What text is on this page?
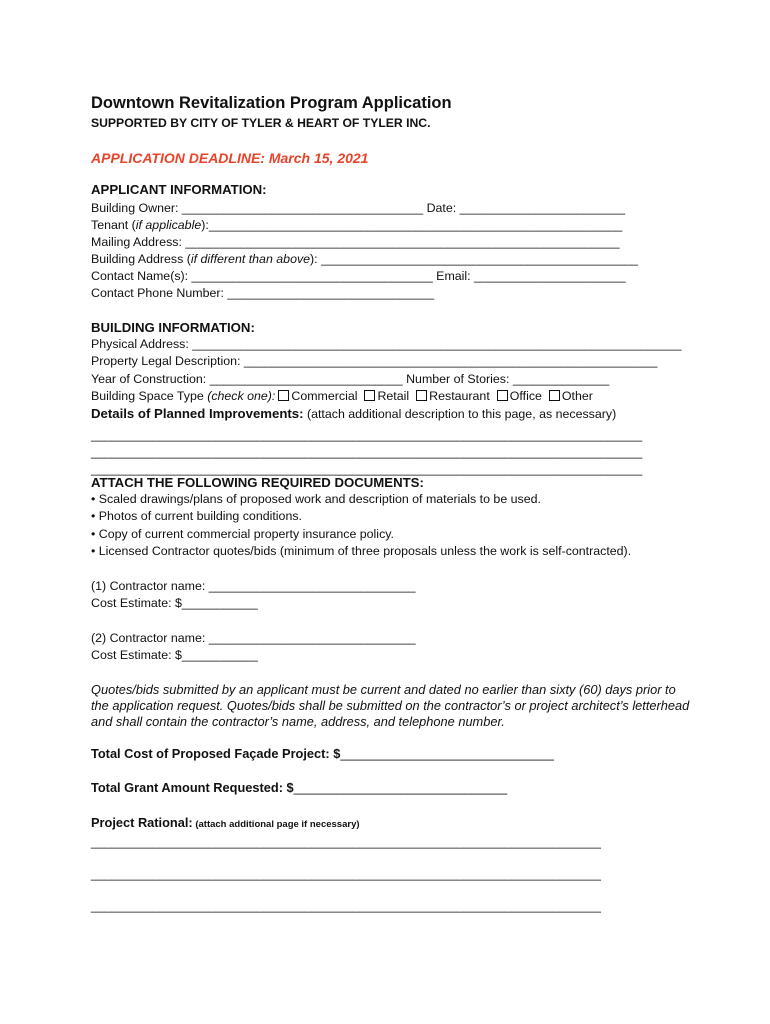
Downtown Revitalization Program Application
SUPPORTED BY CITY OF TYLER & HEART OF TYLER INC.
APPLICATION DEADLINE: March 15, 2021
APPLICANT INFORMATION:
Building Owner: ___________________________________ Date: ________________________
Tenant (if applicable):____________________________________________________________
Mailing Address: _______________________________________________________________
Building Address (if different than above): ______________________________________________
Contact Name(s): ___________________________________ Email: ______________________
Contact Phone Number: ______________________________
BUILDING INFORMATION:
Physical Address: _______________________________________________________________________
Property Legal Description: ____________________________________________________________
Year of Construction: ____________________________ Number of Stories: ______________
Building Space Type (check one): Commercial Retail Restaurant Office Other
Details of Planned Improvements: (attach additional description to this page, as necessary)
________________________________________________________________________________
________________________________________________________________________________
________________________________________________________________________________
ATTACH THE FOLLOWING REQUIRED DOCUMENTS:
• Scaled drawings/plans of proposed work and description of materials to be used.
• Photos of current building conditions.
• Copy of current commercial property insurance policy.
• Licensed Contractor quotes/bids (minimum of three proposals unless the work is self-contracted).
(1) Contractor name: ______________________________
Cost Estimate: $___________
(2) Contractor name: ______________________________
Cost Estimate: $___________
Quotes/bids submitted by an applicant must be current and dated no earlier than sixty (60) days prior to the application request. Quotes/bids shall be submitted on the contractor’s or project architect’s letterhead and shall contain the contractor’s name, address, and telephone number.
Total Cost of Proposed Façade Project: $______________________________
Total Grant Amount Requested: $______________________________
Project Rational: (attach additional page if necessary)
__________________________________________________________________________
__________________________________________________________________________
__________________________________________________________________________
